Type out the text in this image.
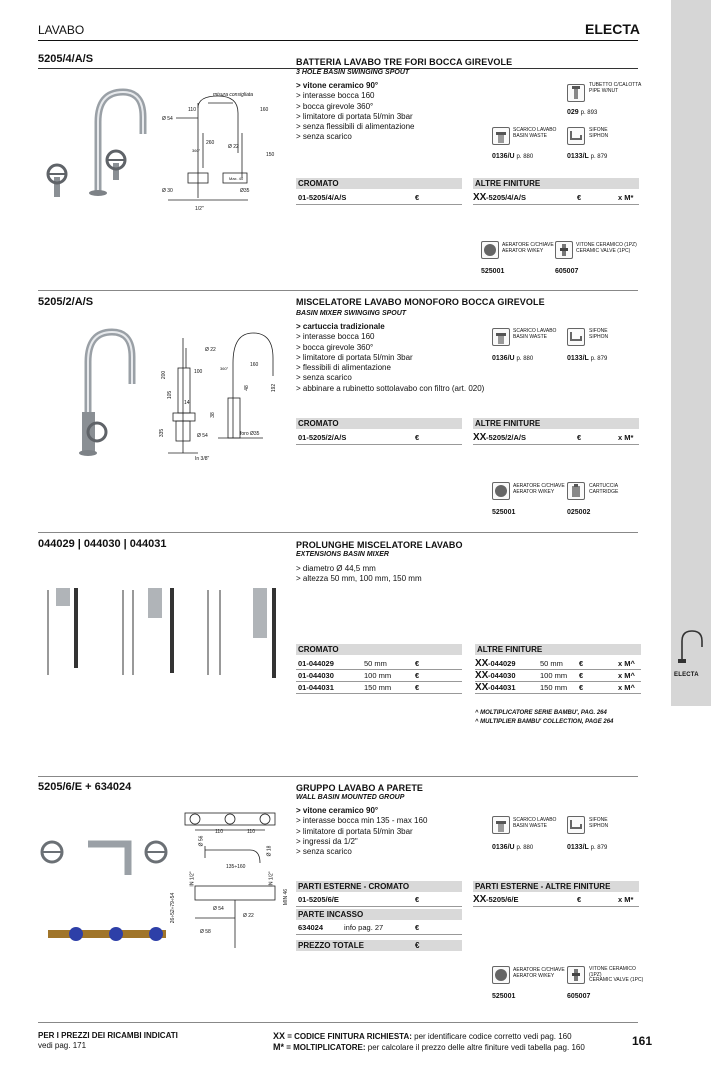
ELECTA
LAVABO	ELECTA
5205/4/A/S	BATTERIA LAVABO TRE FORI BOCCA GIREVOLE
3 HOLE BASIN SWINGING SPOUT
> vitone ceramico 90°
> interasse bocca 160
> bocca girevole 360°
> limitatore di portata 5l/min 3bar
> senza flessibili di alimentazione
> senza scarico
misura consigliata
110	160
Ø 54
360°
260
Ø 22
150
Ø 30	Ø35
Max. 40
1/2"
TUBETTO C/CALOTTA
PIPE W/NUT
029 p. 893
SCARICO LAVABO
BASIN WASTE
0136/U p. 880
SIFONE
SIPHON
0133/L p. 879
CROMATO	ALTRE FINITURE
01-5205/4/A/S	€	XX -5205/4/A/S	€	x M*
AERATORE C/CHIAVE
AERATOR W/KEY
525001
VITONE CERAMICO (1PZ)
CERAMIC VALVE (1PC)
605007
5205/2/A/S	MISCELATORE LAVABO MONOFORO BOCCA GIREVOLE
BASIN MIXER SWINGING SPOUT
> cartuccia tradizionale
> interasse bocca 160
> bocca girevole 360°
> limitatore di portata 5l/min 3bar
> flessibili di alimentazione
> senza scarico
> abbinare a rubinetto sottolavabo con filtro (art. 020)
Ø 22
200	100
360°
160
192
48
105
14
38
335	Ø 54	foro Ø35
In 3/8"
SCARICO LAVABO
BASIN WASTE
0136/U p. 880
SIFONE
SIPHON
0133/L p. 879
CROMATO	ALTRE FINITURE
01-5205/2/A/S	€	XX -5205/2/A/S	€	x M*
AERATORE C/CHIAVE
AERATOR W/KEY
525001
CARTUCCIA
CARTRIDGE
025002
044029 | 044030 | 044031	PROLUNGHE MISCELATORE LAVABO
EXTENSIONS BASIN MIXER
> diametro Ø 44,5 mm
> altezza 50 mm, 100 mm, 150 mm
CROMATO	ALTRE FINITURE
01-044029	50 mm	€
01-044030	100 mm	€
01-044031	150 mm	€
XX -044029	50 mm €	x M^
XX -044030	100 mm €	x M^
XX -044031	150 mm €	x M^
^ MOLTIPLICATORE SERIE BAMBU', PAG. 264
^ MULTIPLIER BAMBU' COLLECTION, PAGE 264
5205/6/E + 634024	GRUPPO LAVABO A PARETE
WALL BASIN MOUNTED GROUP
> vitone ceramico 90°
> interasse bocca min 135 - max 160
> limitatore di portata 5l/min 3bar
> ingressi da 1/2"
> senza scarico
Ø 56
110	110
135÷160
Ø 18
IN 1/2"	IN 1/2"
MIN 46
Ø 54
Ø 22
Ø 58
26÷52÷79÷54
SCARICO LAVABO
BASIN WASTE
0136/U p. 880
SIFONE
SIPHON
0133/L p. 879
PARTI ESTERNE - CROMATO	PARTI ESTERNE - ALTRE FINITURE
01-5205/6/E	€
PARTE INCASSO
634024	info pag. 27	€
PREZZO TOTALE	€
XX -5205/6/E	€	x M*
AERATORE C/CHIAVE
AERATOR W/KEY
525001
VITONE CERAMICO
(1PZ)
CERAMIC VALVE (1PC)
605007
PER I PREZZI DEI RICAMBI INDICATI
vedi pag. 171
XX = CODICE FINITURA RICHIESTA: per identificare codice corretto vedi pag. 160
M* = MOLTIPLICATORE: per calcolare il prezzo delle altre finiture vedi tabella pag. 160	161
